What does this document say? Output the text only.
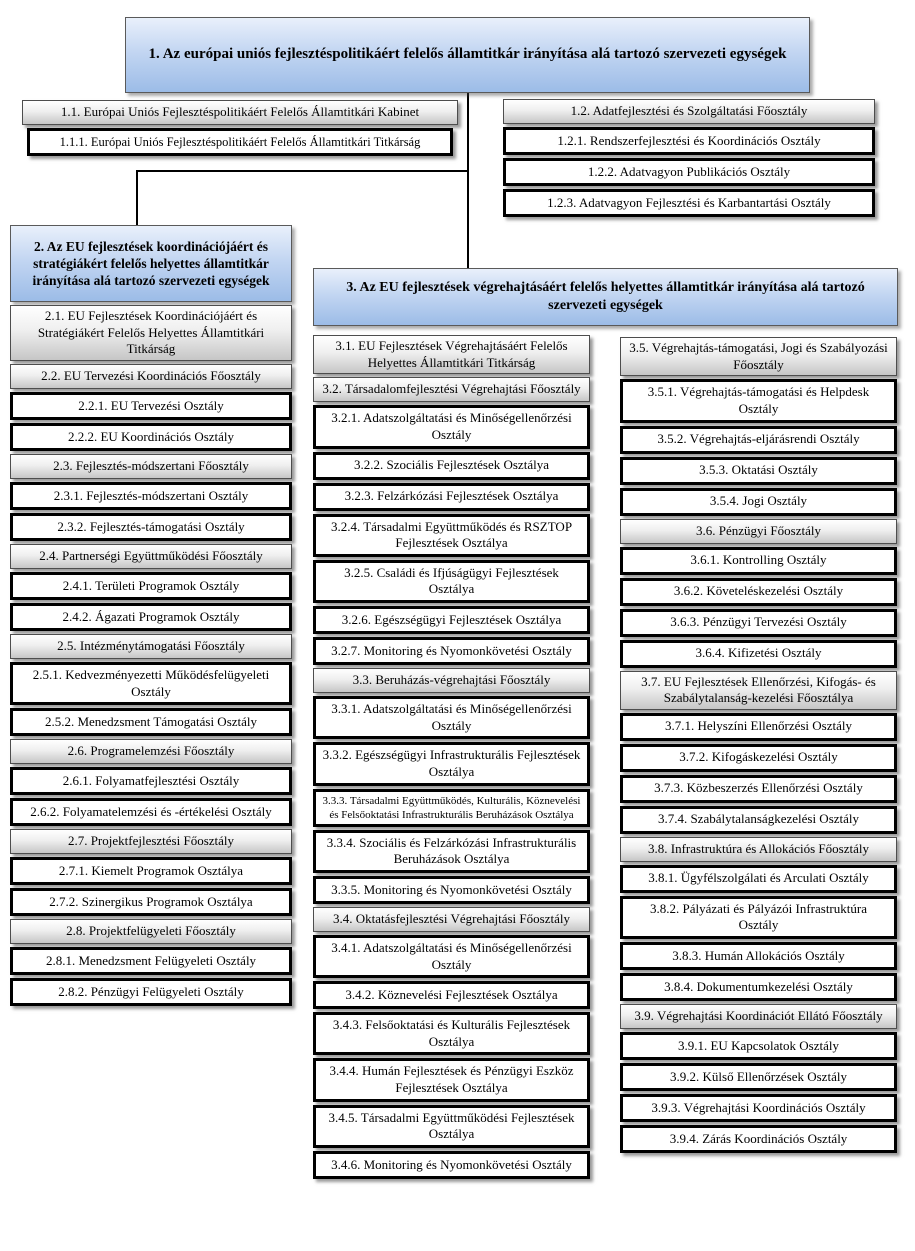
1. Az európai uniós fejlesztéspolitikáért felelős államtitkár irányítása alá tartozó szervezeti egységek
1.1. Európai Uniós Fejlesztéspolitikáért Felelős Államtitkári Kabinet
1.1.1. Európai Uniós Fejlesztéspolitikáért Felelős Államtitkári Titkárság
1.2. Adatfejlesztési és Szolgáltatási Főosztály
1.2.1. Rendszerfejlesztési és Koordinációs Osztály
1.2.2. Adatvagyon Publikációs Osztály
1.2.3. Adatvagyon Fejlesztési és Karbantartási Osztály
2. Az EU fejlesztések koordinációjáért és stratégiákért felelős helyettes államtitkár irányítása alá tartozó szervezeti egységek
2.1. EU Fejlesztések Koordinációjáért és Stratégiákért Felelős Helyettes Államtitkári Titkárság
2.2. EU Tervezési Koordinációs Főosztály
2.2.1. EU Tervezési Osztály
2.2.2. EU Koordinációs Osztály
2.3. Fejlesztés-módszertani Főosztály
2.3.1. Fejlesztés-módszertani Osztály
2.3.2. Fejlesztés-támogatási Osztály
2.4. Partnerségi Együttműködési Főosztály
2.4.1. Területi Programok Osztály
2.4.2. Ágazati Programok Osztály
2.5. Intézménytámogatási Főosztály
2.5.1. Kedvezményezetti Működésfelügyeleti Osztály
2.5.2. Menedzsment Támogatási Osztály
2.6. Programelemzési Főosztály
2.6.1. Folyamatfejlesztési Osztály
2.6.2. Folyamatelemzési és -értékelési Osztály
2.7. Projektfejlesztési Főosztály
2.7.1. Kiemelt Programok Osztálya
2.7.2. Szinergikus Programok Osztálya
2.8. Projektfelügyeleti Főosztály
2.8.1. Menedzsment Felügyeleti Osztály
2.8.2. Pénzügyi Felügyeleti Osztály
3. Az EU fejlesztések végrehajtásáért felelős helyettes államtitkár irányítása alá tartozó szervezeti egységek
3.1. EU Fejlesztések Végrehajtásáért Felelős Helyettes Államtitkári Titkárság
3.2. Társadalomfejlesztési Végrehajtási Főosztály
3.2.1. Adatszolgáltatási és Minőségellenőrzési Osztály
3.2.2. Szociális Fejlesztések Osztálya
3.2.3. Felzárkózási Fejlesztések Osztálya
3.2.4. Társadalmi Együttműködés és RSZTOP Fejlesztések Osztálya
3.2.5. Családi és Ifjúságügyi Fejlesztések Osztálya
3.2.6. Egészségügyi Fejlesztések Osztálya
3.2.7. Monitoring és Nyomonkövetési Osztály
3.3. Beruházás-végrehajtási Főosztály
3.3.1. Adatszolgáltatási és Minőségellenőrzési Osztály
3.3.2. Egészségügyi Infrastrukturális Fejlesztések Osztálya
3.3.3. Társadalmi Együttműködés, Kulturális, Köznevelési és Felsőoktatási Infrastrukturális Beruházások Osztálya
3.3.4. Szociális és Felzárkózási Infrastrukturális Beruházások Osztálya
3.3.5. Monitoring és Nyomonkövetési Osztály
3.4. Oktatásfejlesztési Végrehajtási Főosztály
3.4.1. Adatszolgáltatási és Minőségellenőrzési Osztály
3.4.2. Köznevelési Fejlesztések Osztálya
3.4.3. Felsőoktatási és Kulturális Fejlesztések Osztálya
3.4.4. Humán Fejlesztések és Pénzügyi Eszköz Fejlesztések Osztálya
3.4.5. Társadalmi Együttműködési Fejlesztések Osztálya
3.4.6. Monitoring és Nyomonkövetési Osztály
3.5. Végrehajtás-támogatási, Jogi és Szabályozási Főosztály
3.5.1. Végrehajtás-támogatási és Helpdesk Osztály
3.5.2. Végrehajtás-eljárásrendi Osztály
3.5.3. Oktatási Osztály
3.5.4. Jogi Osztály
3.6. Pénzügyi Főosztály
3.6.1. Kontrolling Osztály
3.6.2. Követeléskezelési Osztály
3.6.3. Pénzügyi Tervezési Osztály
3.6.4. Kifizetési Osztály
3.7. EU Fejlesztések Ellenőrzési, Kifogás- és Szabálytalanság-kezelési Főosztálya
3.7.1. Helyszíni Ellenőrzési Osztály
3.7.2. Kifogáskezelési Osztály
3.7.3. Közbeszerzés Ellenőrzési Osztály
3.7.4. Szabálytalanságkezelési Osztály
3.8. Infrastruktúra és Allokációs Főosztály
3.8.1. Ügyfélszolgálati és Arculati Osztály
3.8.2. Pályázati és Pályázói Infrastruktúra Osztály
3.8.3. Humán Allokációs Osztály
3.8.4. Dokumentumkezelési Osztály
3.9. Végrehajtási Koordinációt Ellátó Főosztály
3.9.1. EU Kapcsolatok Osztály
3.9.2. Külső Ellenőrzések Osztály
3.9.3. Végrehajtási Koordinációs Osztály
3.9.4. Zárás Koordinációs Osztály
